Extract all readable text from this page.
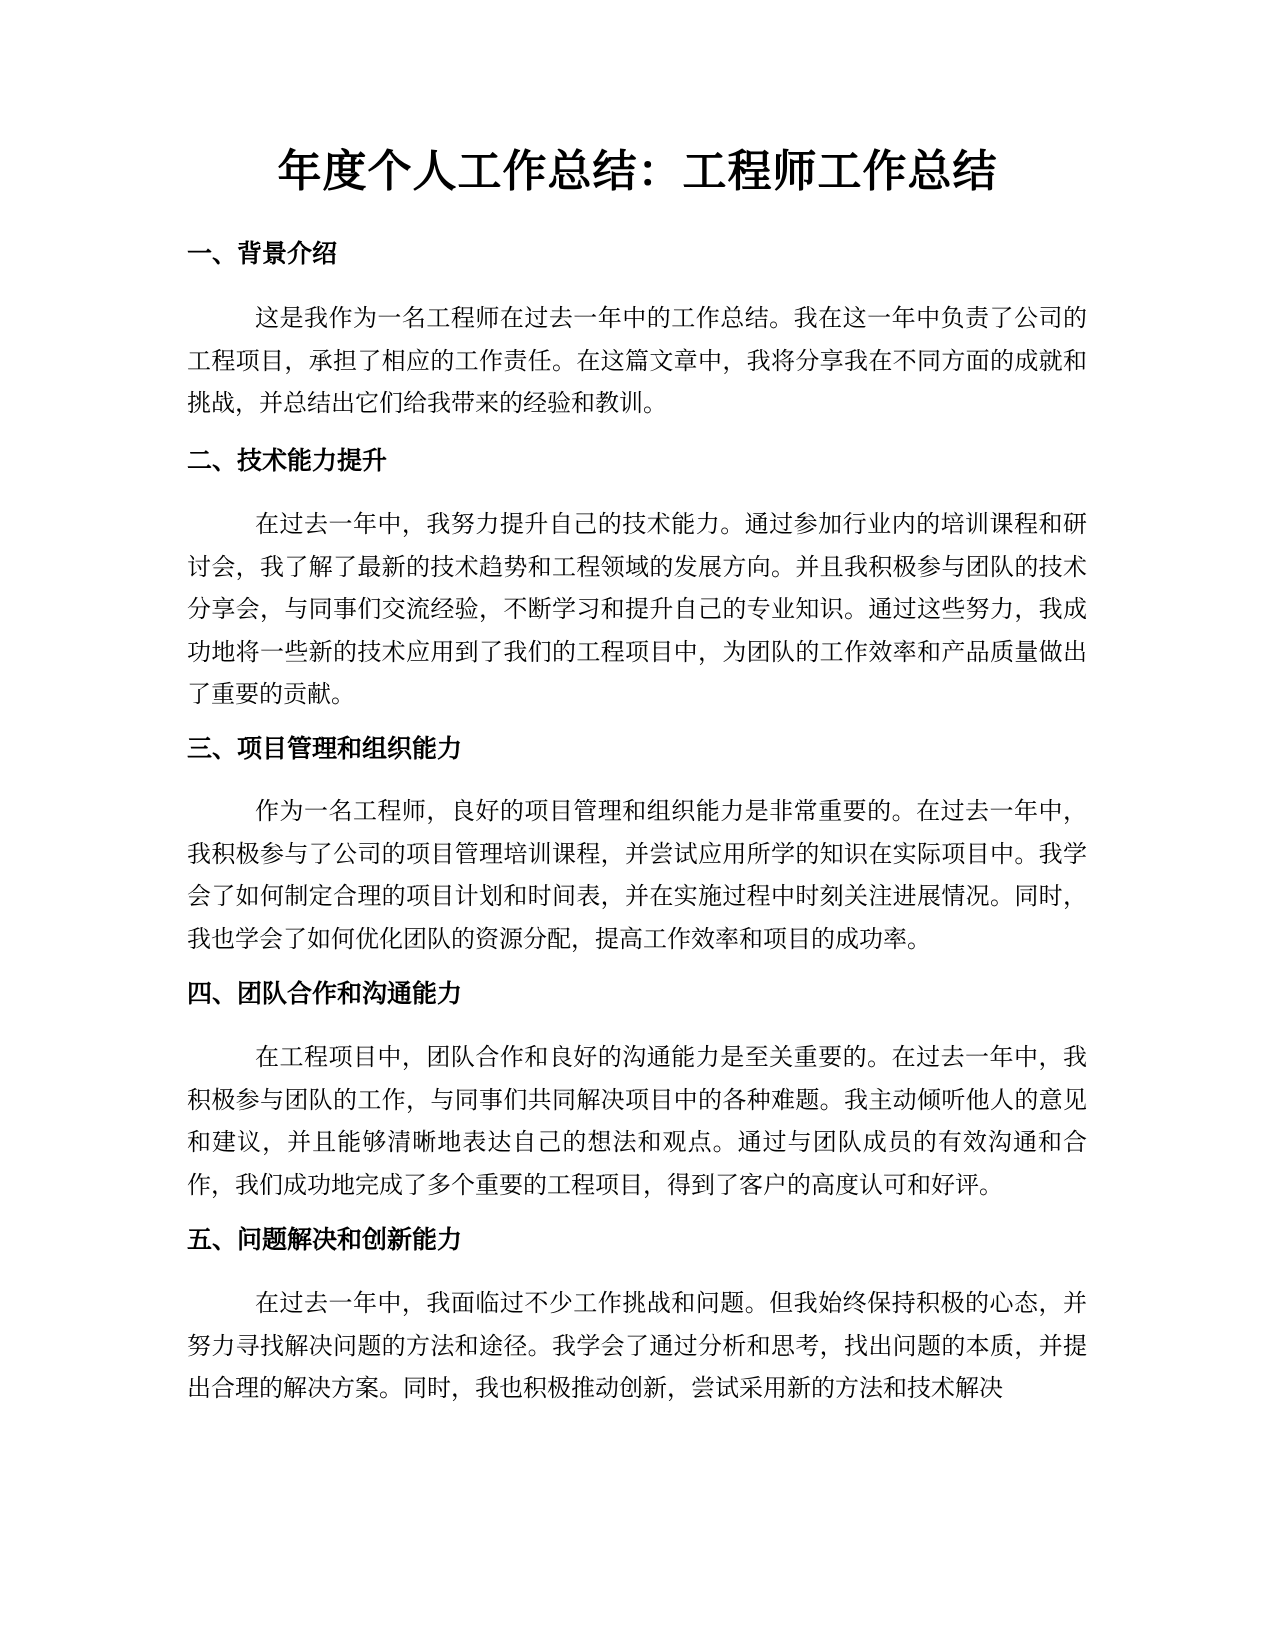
年度个人工作总结：工程师工作总结
一、背景介绍

这是我作为一名工程师在过去一年中的工作总结。我在这一年中负责了公司的工程项目，承担了相应的工作责任。在这篇文章中，我将分享我在不同方面的成就和挑战，并总结出它们给我带来的经验和教训。

二、技术能力提升

在过去一年中，我努力提升自己的技术能力。通过参加行业内的培训课程和研讨会，我了解了最新的技术趋势和工程领域的发展方向。并且我积极参与团队的技术分享会，与同事们交流经验，不断学习和提升自己的专业知识。通过这些努力，我成功地将一些新的技术应用到了我们的工程项目中，为团队的工作效率和产品质量做出了重要的贡献。

三、项目管理和组织能力

作为一名工程师，良好的项目管理和组织能力是非常重要的。在过去一年中，我积极参与了公司的项目管理培训课程，并尝试应用所学的知识在实际项目中。我学会了如何制定合理的项目计划和时间表，并在实施过程中时刻关注进展情况。同时，我也学会了如何优化团队的资源分配，提高工作效率和项目的成功率。

四、团队合作和沟通能力

在工程项目中，团队合作和良好的沟通能力是至关重要的。在过去一年中，我积极参与团队的工作，与同事们共同解决项目中的各种难题。我主动倾听他人的意见和建议，并且能够清晰地表达自己的想法和观点。通过与团队成员的有效沟通和合作，我们成功地完成了多个重要的工程项目，得到了客户的高度认可和好评。

五、问题解决和创新能力

在过去一年中，我面临过不少工作挑战和问题。但我始终保持积极的心态，并努力寻找解决问题的方法和途径。我学会了通过分析和思考，找出问题的本质，并提出合理的解决方案。同时，我也积极推动创新，尝试采用新的方法和技术解决
